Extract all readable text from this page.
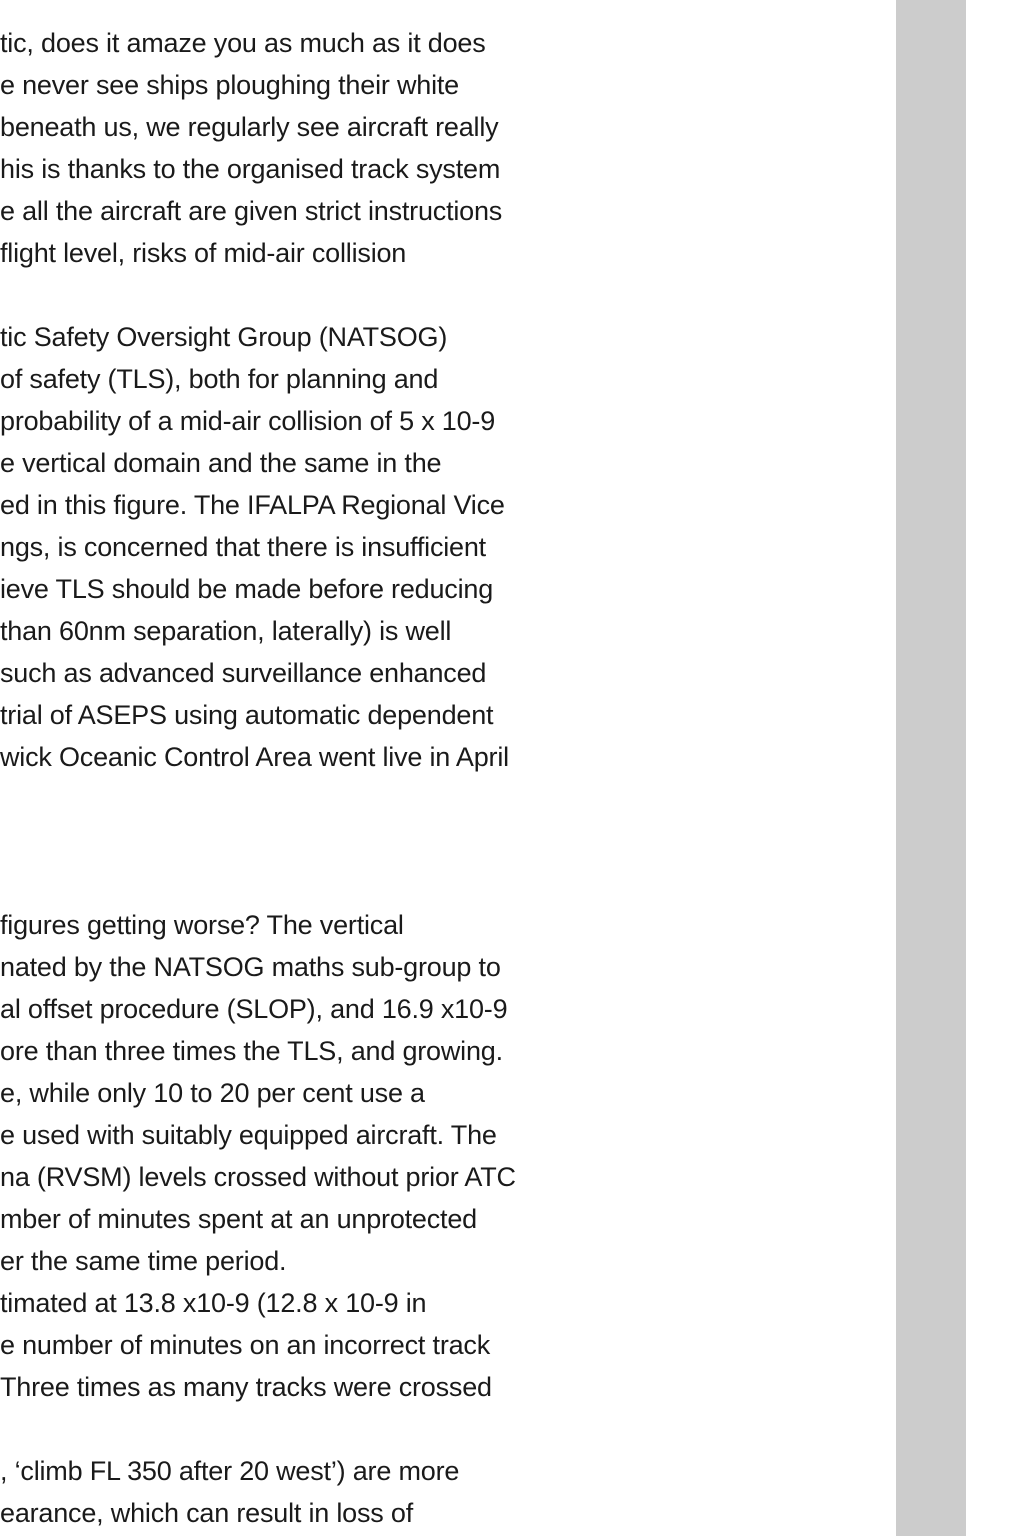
tic, does it amaze you as much as it does
e never see ships ploughing their white
beneath us, we regularly see aircraft really
his is thanks to the organised track system
e all the aircraft are given strict instructions
flight level, risks of mid-air collision
tic Safety Oversight Group (NATSOG)
of safety (TLS), both for planning and
probability of a mid-air collision of 5 x 10-9
e vertical domain and the same in the
ed in this figure. The IFALPA Regional Vice
ngs, is concerned that there is insufficient
ieve TLS should be made before reducing
than 60nm separation, laterally) is well
such as advanced surveillance enhanced
trial of ASEPS using automatic dependent
wick Oceanic Control Area went live in April
figures getting worse? The vertical
nated by the NATSOG maths sub-group to
al offset procedure (SLOP), and 16.9 x10-9
ore than three times the TLS, and growing.
e, while only 10 to 20 per cent use a
e used with suitably equipped aircraft. The
na (RVSM) levels crossed without prior ATC
mber of minutes spent at an unprotected
er the same time period.
timated at 13.8 x10-9 (12.8 x 10-9 in
e number of minutes on an incorrect track
Three times as many tracks were crossed
, ‘climb FL 350 after 20 west’) are more
earance, which can result in loss of
